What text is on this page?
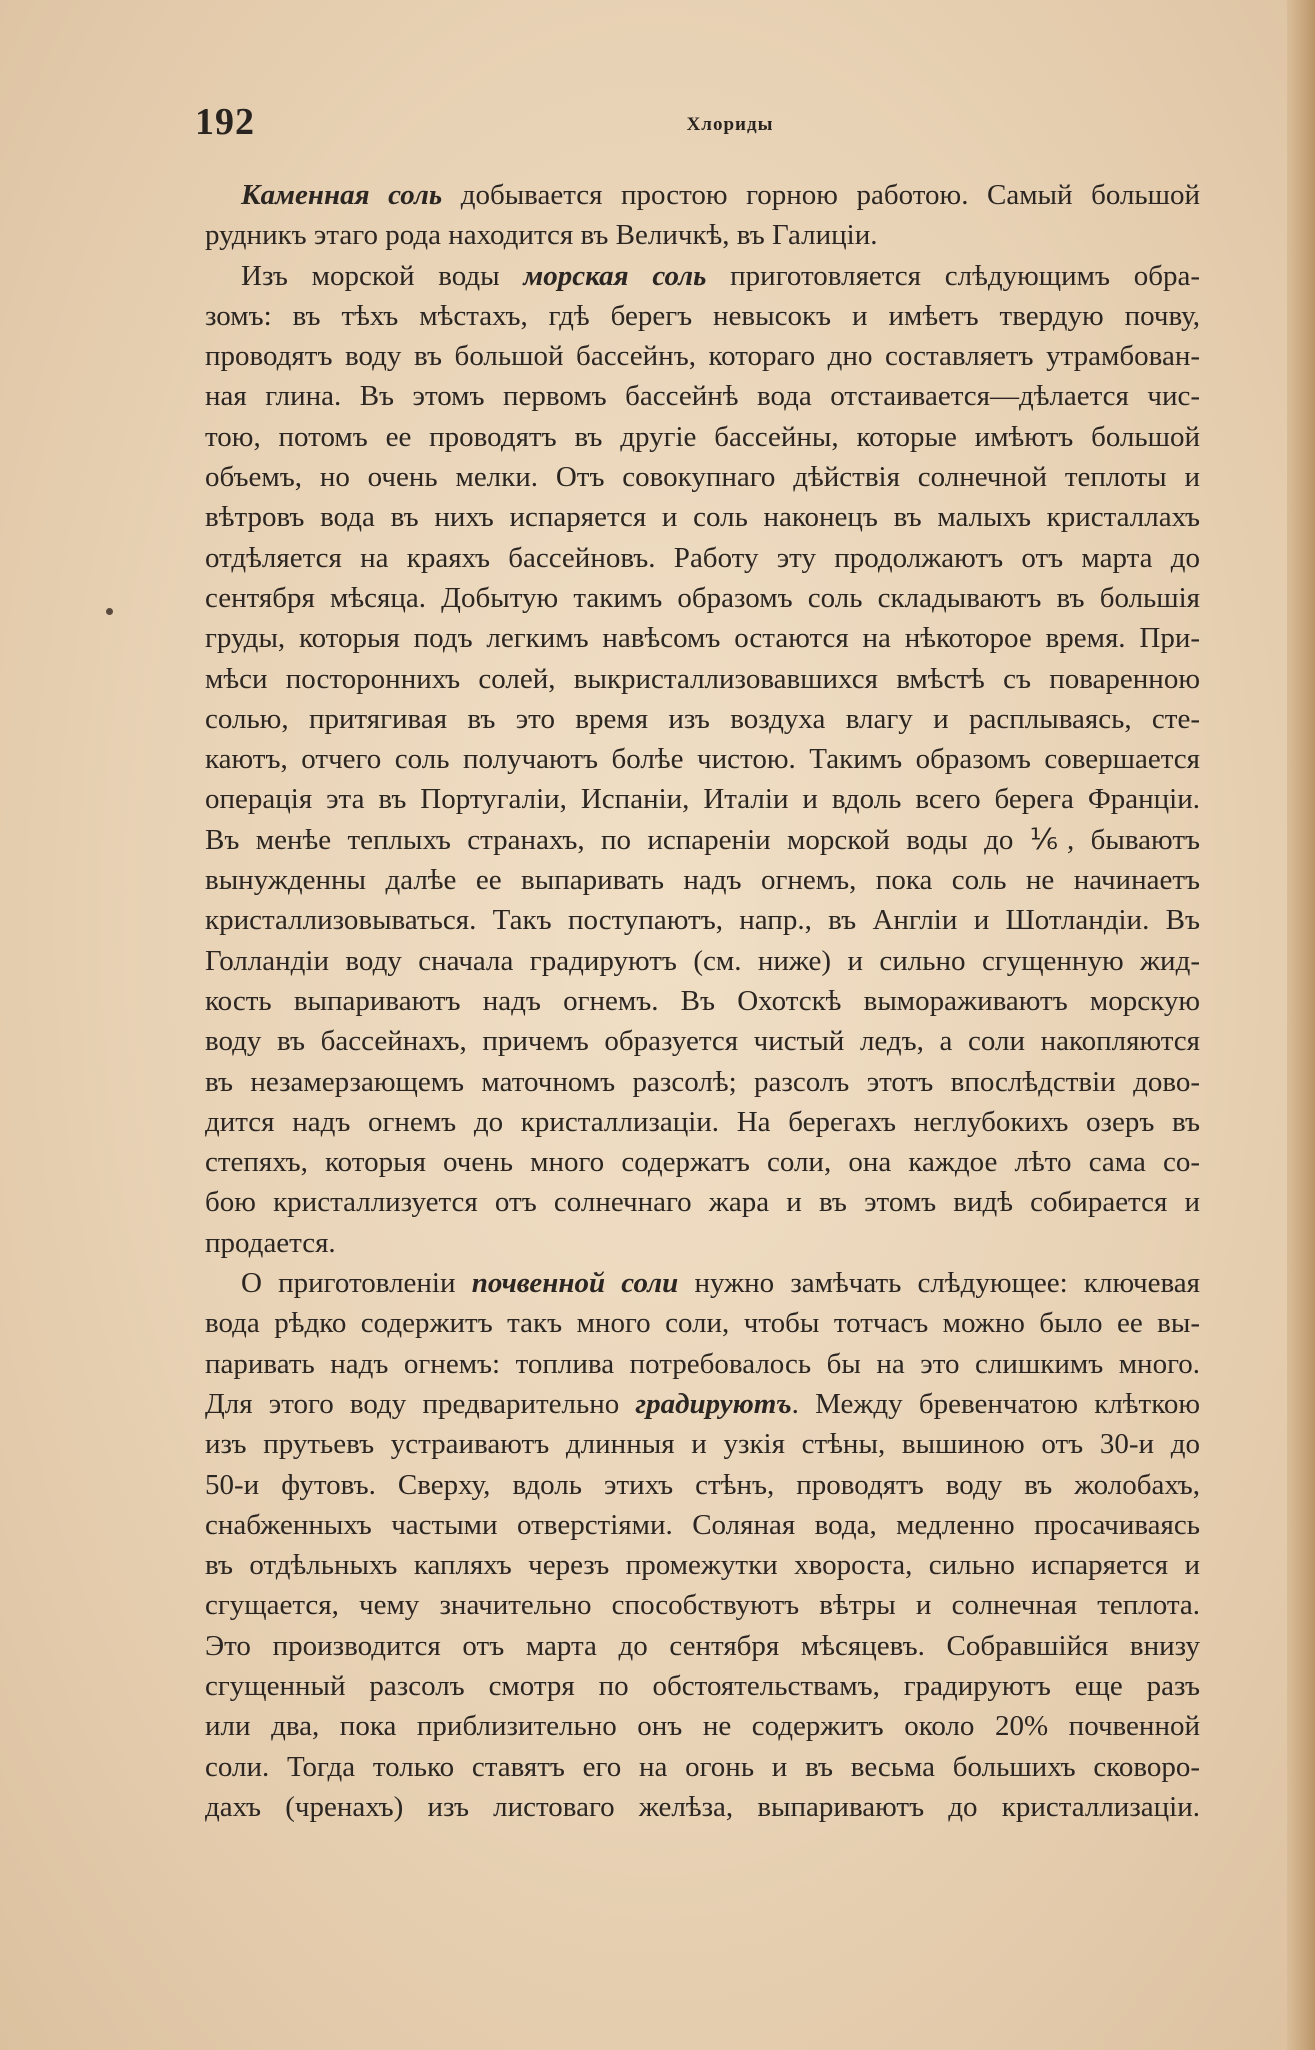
192	Хлориды
Каменная соль добывается простою горною работою. Самый большой
рудникъ этаго рода находится въ Величкѣ, въ Галиціи.
Изъ морской воды морская соль приготовляется слѣдующимъ обра-
зомъ: въ тѣхъ мѣстахъ, гдѣ берегъ невысокъ и имѣетъ твердую почву,
проводятъ воду въ большой бассейнъ, котораго дно составляетъ утрамбован-
ная глина. Въ этомъ первомъ бассейнѣ вода отстаивается—дѣлается чис-
тою, потомъ ее проводятъ въ другіе бассейны, которые имѣютъ большой
объемъ, но очень мелки. Отъ совокупнаго дѣйствія солнечной теплоты и
вѣтровъ вода въ нихъ испаряется и соль наконецъ въ малыхъ кристаллахъ
отдѣляется на краяхъ бассейновъ. Работу эту продолжаютъ отъ марта до
сентября мѣсяца. Добытую такимъ образомъ соль складываютъ въ большія
груды, которыя подъ легкимъ навѣсомъ остаются на нѣкоторое время. При-
мѣси постороннихъ солей, выкристаллизовавшихся вмѣстѣ съ поваренною
солью, притягивая въ это время изъ воздуха влагу и расплываясь, сте-
каютъ, отчего соль получаютъ болѣе чистою. Такимъ образомъ совершается
операція эта въ Португаліи, Испаніи, Италіи и вдоль всего берега Франціи.
Въ менѣе теплыхъ странахъ, по испареніи морской воды до ⅙, бываютъ
вынужденны далѣе ее выпаривать надъ огнемъ, пока соль не начинаетъ
кристаллизовываться. Такъ поступаютъ, напр., въ Англіи и Шотландіи. Въ
Голландіи воду сначала градируютъ (см. ниже) и сильно сгущенную жид-
кость выпариваютъ надъ огнемъ. Въ Охотскѣ вымораживаютъ морскую
воду въ бассейнахъ, причемъ образуется чистый ледъ, а соли накопляются
въ незамерзающемъ маточномъ разсолѣ; разсолъ этотъ впослѣдствіи дово-
дится надъ огнемъ до кристаллизаціи. На берегахъ неглубокихъ озеръ въ
степяхъ, которыя очень много содержатъ соли, она каждое лѣто сама со-
бою кристаллизуется отъ солнечнаго жара и въ этомъ видѣ собирается и
продается.
О приготовленіи почвенной соли нужно замѣчать слѣдующее: ключевая
вода рѣдко содержитъ такъ много соли, чтобы тотчасъ можно было ее вы-
паривать надъ огнемъ: топлива потребовалось бы на это слишкимъ много.
Для этого воду предварительно градируютъ. Между бревенчатою клѣткою
изъ прутьевъ устраиваютъ длинныя и узкія стѣны, вышиною отъ 30-и до
50-и футовъ. Сверху, вдоль этихъ стѣнъ, проводятъ воду въ жолобахъ,
снабженныхъ частыми отверстіями. Соляная вода, медленно просачиваясь
въ отдѣльныхъ капляхъ черезъ промежутки хвороста, сильно испаряется и
сгущается, чему значительно способствуютъ вѣтры и солнечная теплота.
Это производится отъ марта до сентября мѣсяцевъ. Собравшійся внизу
сгущенный разсолъ смотря по обстоятельствамъ, градируютъ еще разъ
или два, пока приблизительно онъ не содержитъ около 20% почвенной
соли. Тогда только ставятъ его на огонь и въ весьма большихъ сковоро-
дахъ (чренахъ) изъ листоваго желѣза, выпариваютъ до кристаллизаціи.
